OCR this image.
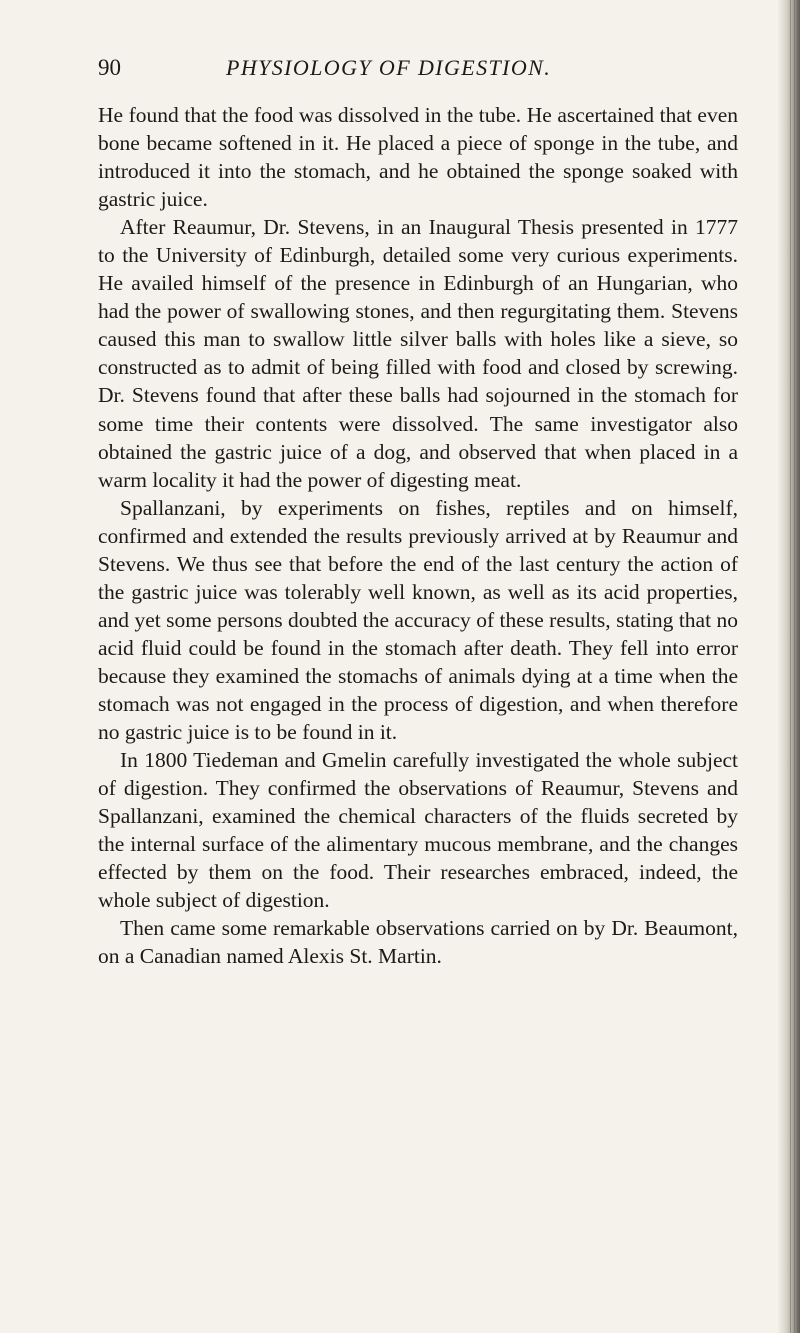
90	PHYSIOLOGY OF DIGESTION.

He found that the food was dissolved in the tube. He ascertained that even bone became softened in it. He placed a piece of sponge in the tube, and introduced it into the stomach, and he obtained the sponge soaked with gastric juice.

After Reaumur, Dr. Stevens, in an Inaugural Thesis presented in 1777 to the University of Edinburgh, detailed some very curious experiments. He availed himself of the presence in Edinburgh of an Hungarian, who had the power of swallowing stones, and then regurgitating them. Stevens caused this man to swallow little silver balls with holes like a sieve, so constructed as to admit of being filled with food and closed by screwing. Dr. Stevens found that after these balls had sojourned in the stomach for some time their contents were dissolved. The same investigator also obtained the gastric juice of a dog, and observed that when placed in a warm locality it had the power of digesting meat.

Spallanzani, by experiments on fishes, reptiles and on himself, confirmed and extended the results previously arrived at by Reaumur and Stevens. We thus see that before the end of the last century the action of the gastric juice was tolerably well known, as well as its acid properties, and yet some persons doubted the accuracy of these results, stating that no acid fluid could be found in the stomach after death. They fell into error because they examined the stomachs of animals dying at a time when the stomach was not engaged in the process of digestion, and when therefore no gastric juice is to be found in it.

In 1800 Tiedeman and Gmelin carefully investigated the whole subject of digestion. They confirmed the observations of Reaumur, Stevens and Spallanzani, examined the chemical characters of the fluids secreted by the internal surface of the alimentary mucous membrane, and the changes effected by them on the food. Their researches embraced, indeed, the whole subject of digestion.

Then came some remarkable observations carried on by Dr. Beaumont, on a Canadian named Alexis St. Martin.
